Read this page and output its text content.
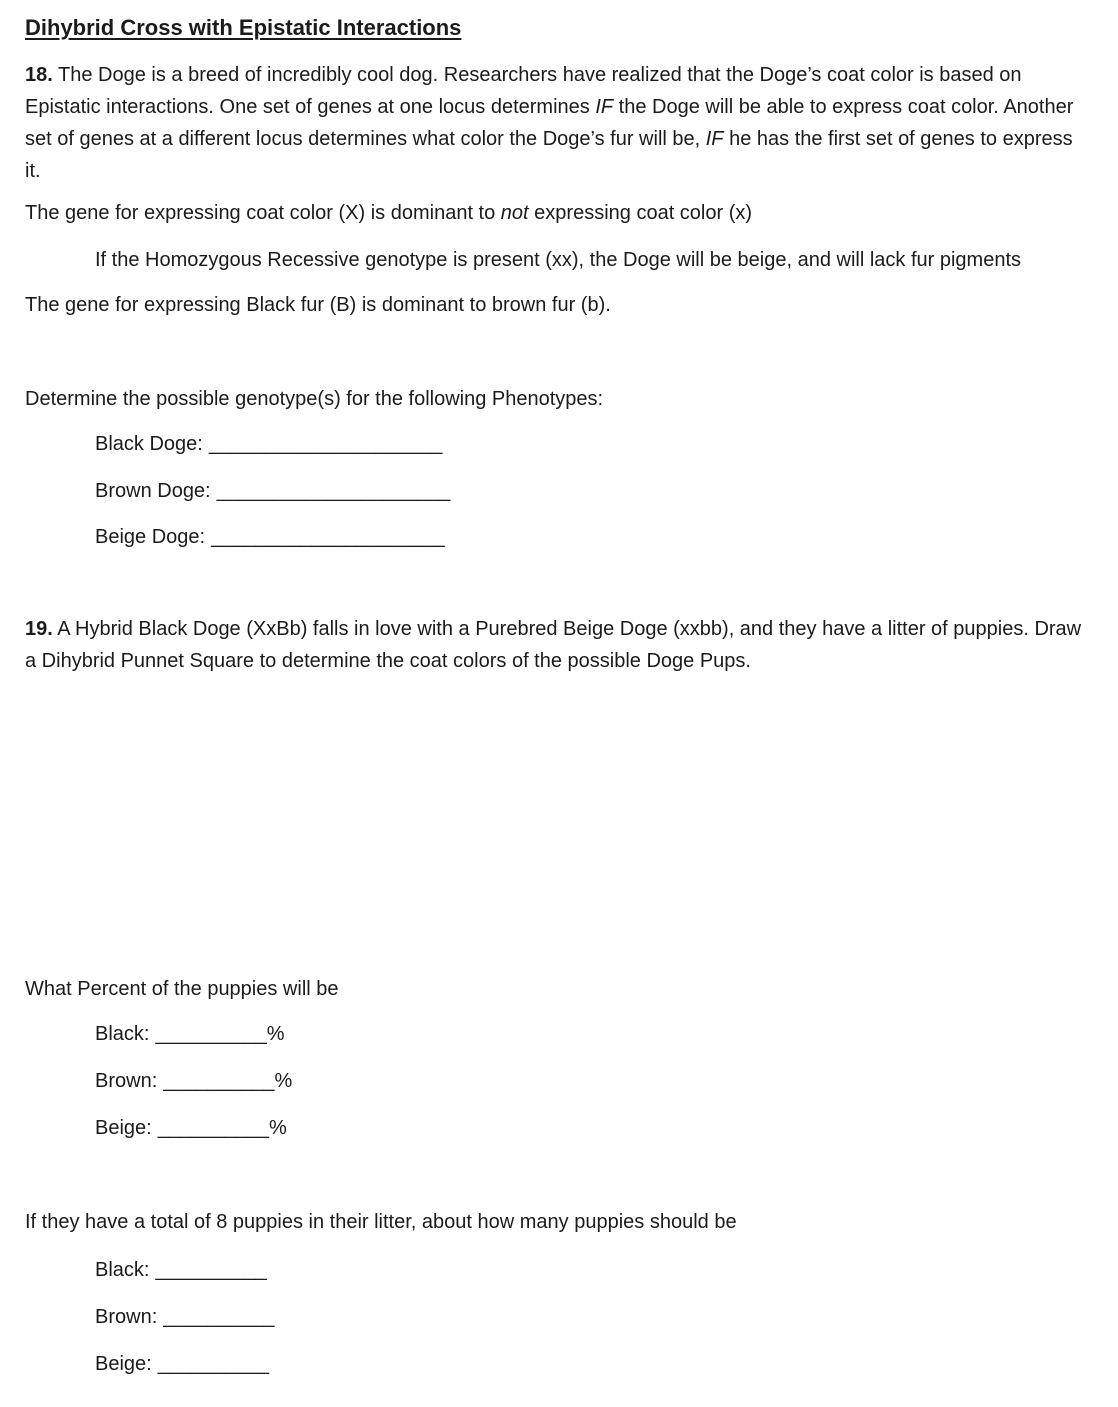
Dihybrid Cross with Epistatic Interactions

18. The Doge is a breed of incredibly cool dog. Researchers have realized that the Doge’s coat color is based on Epistatic interactions. One set of genes at one locus determines IF the Doge will be able to express coat color. Another set of genes at a different locus determines what color the Doge’s fur will be, IF he has the first set of genes to express it.

The gene for expressing coat color (X) is dominant to not expressing coat color (x)

If the Homozygous Recessive genotype is present (xx), the Doge will be beige, and will lack fur pigments

The gene for expressing Black fur (B) is dominant to brown fur (b).

Determine the possible genotype(s) for the following Phenotypes:

Black Doge: _____________________
Brown Doge: _____________________
Beige Doge: _____________________

19. A Hybrid Black Doge (XxBb) falls in love with a Purebred Beige Doge (xxbb), and they have a litter of puppies. Draw a Dihybrid Punnet Square to determine the coat colors of the possible Doge Pups.

What Percent of the puppies will be

Black: __________%
Brown: __________%
Beige: __________%

If they have a total of 8 puppies in their litter, about how many puppies should be

Black: __________
Brown: __________
Beige: __________
